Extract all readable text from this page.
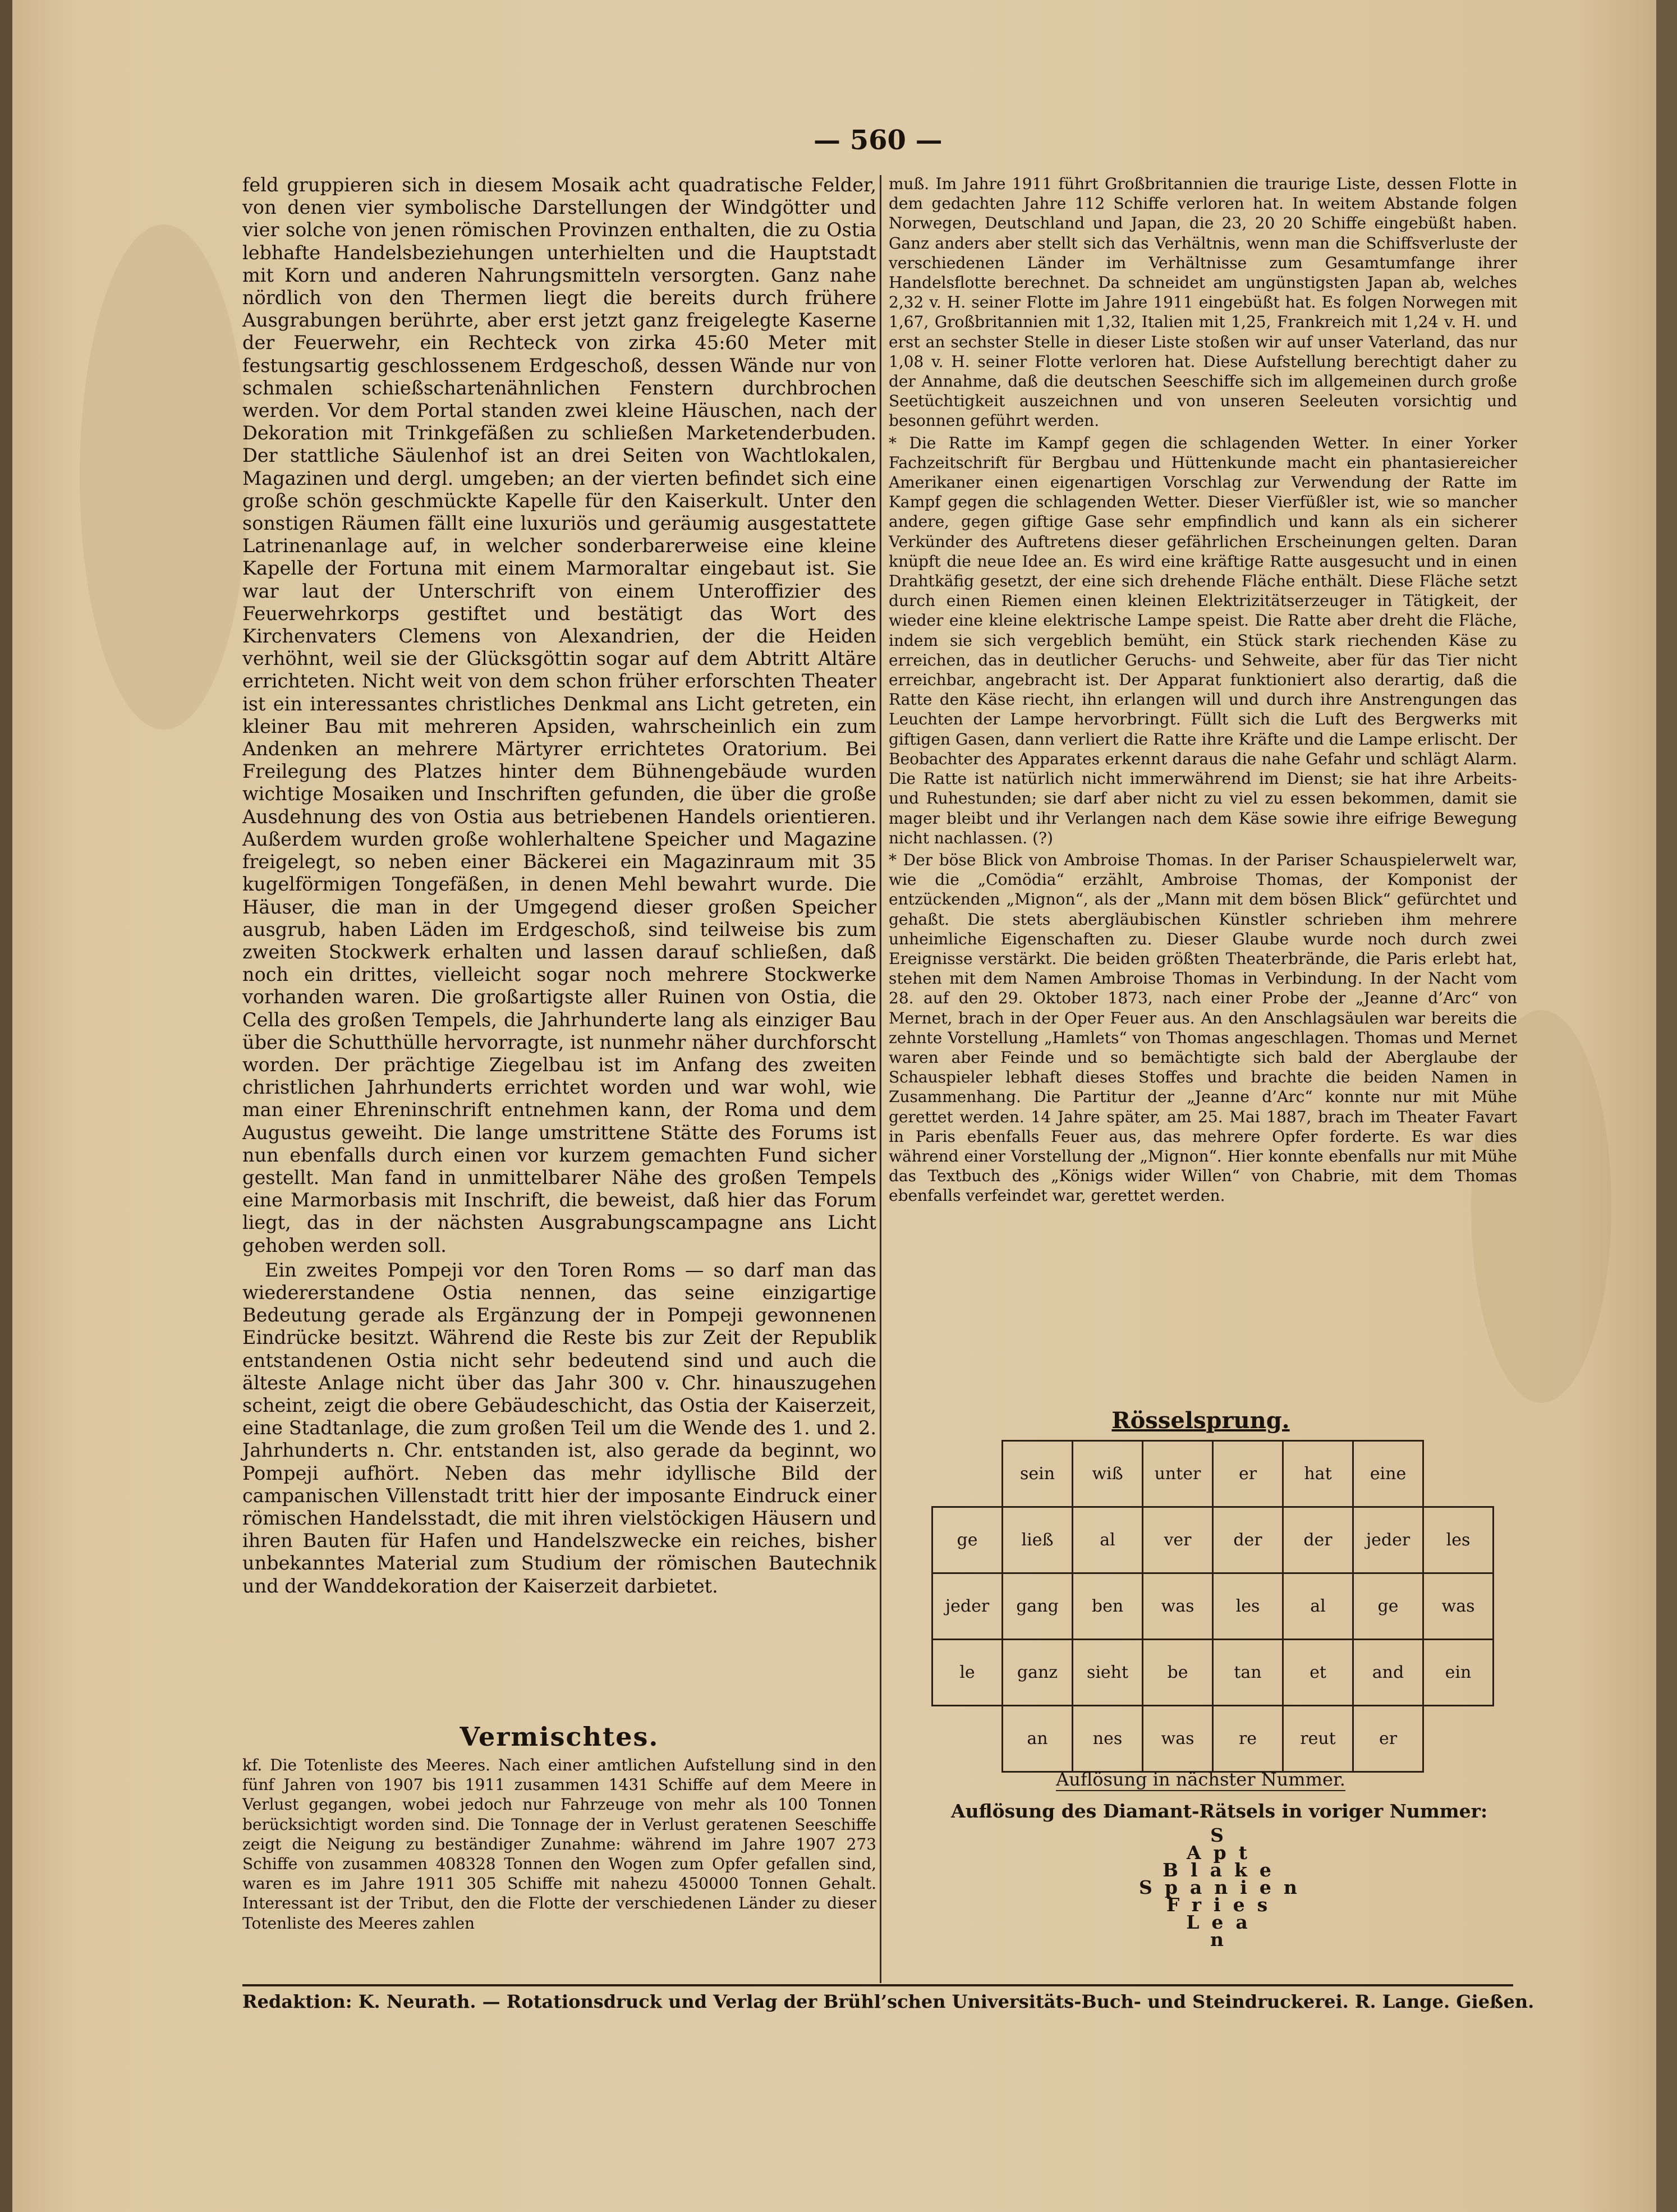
— 560 —

feld gruppieren sich in diesem Mosaik acht quadratische Felder, von denen vier symbolische Darstellungen der Windgötter und vier solche von jenen römischen Provinzen enthalten, die zu Ostia lebhafte Handelsbeziehungen unterhielten und die Hauptstadt mit Korn und anderen Nahrungsmitteln versorgten. Ganz nahe nördlich von den Thermen liegt die bereits durch frühere Ausgrabungen berührte, aber erst jetzt ganz freigelegte Kaserne der Feuerwehr, ein Rechteck von zirka 45:60 Meter mit festungsartig geschlossenem Erdgeschoß, dessen Wände nur von schmalen schießschartenähnlichen Fenstern durchbrochen werden. Vor dem Portal standen zwei kleine Häuschen, nach der Dekoration mit Trinkgefäßen zu schließen Marketenderbuden. Der stattliche Säulenhof ist an drei Seiten von Wachtlokalen, Magazinen und dergl. umgeben; an der vierten befindet sich eine große schön geschmückte Kapelle für den Kaiserkult. Unter den sonstigen Räumen fällt eine luxuriös und geräumig ausgestattete Latrinenanlage auf, in welcher sonderbarerweise eine kleine Kapelle der Fortuna mit einem Marmoraltar eingebaut ist. Sie war laut der Unterschrift von einem Unteroffizier des Feuerwehrkorps gestiftet und bestätigt das Wort des Kirchenvaters Clemens von Alexandrien, der die Heiden verhöhnt, weil sie der Glücksgöttin sogar auf dem Abtritt Altäre errichteten. Nicht weit von dem schon früher erforschten Theater ist ein interessantes christliches Denkmal ans Licht getreten, ein kleiner Bau mit mehreren Apsiden, wahrscheinlich ein zum Andenken an mehrere Märtyrer errichtetes Oratorium. Bei Freilegung des Platzes hinter dem Bühnengebäude wurden wichtige Mosaiken und Inschriften gefunden, die über die große Ausdehnung des von Ostia aus betriebenen Handels orientieren. Außerdem wurden große wohlerhaltene Speicher und Magazine freigelegt, so neben einer Bäckerei ein Magazinraum mit 35 kugelförmigen Tongefäßen, in denen Mehl bewahrt wurde. Die Häuser, die man in der Umgegend dieser großen Speicher ausgrub, haben Läden im Erdgeschoß, sind teilweise bis zum zweiten Stockwerk erhalten und lassen darauf schließen, daß noch ein drittes, vielleicht sogar noch mehrere Stockwerke vorhanden waren. Die großartigste aller Ruinen von Ostia, die Cella des großen Tempels, die Jahrhunderte lang als einziger Bau über die Schutthülle hervorragte, ist nunmehr näher durchforscht worden. Der prächtige Ziegelbau ist im Anfang des zweiten christlichen Jahrhunderts errichtet worden und war wohl, wie man einer Ehreninschrift entnehmen kann, der Roma und dem Augustus geweiht. Die lange umstrittene Stätte des Forums ist nun ebenfalls durch einen vor kurzem gemachten Fund sicher gestellt. Man fand in unmittelbarer Nähe des großen Tempels eine Marmorbasis mit Inschrift, die beweist, daß hier das Forum liegt, das in der nächsten Ausgrabungscampagne ans Licht gehoben werden soll.

Ein zweites Pompeji vor den Toren Roms — so darf man das wiedererstandene Ostia nennen, das seine einzigartige Bedeutung gerade als Ergänzung der in Pompeji gewonnenen Eindrücke besitzt. Während die Reste bis zur Zeit der Republik entstandenen Ostia nicht sehr bedeutend sind und auch die älteste Anlage nicht über das Jahr 300 v. Chr. hinauszugehen scheint, zeigt die obere Gebäudeschicht, das Ostia der Kaiserzeit, eine Stadtanlage, die zum großen Teil um die Wende des 1. und 2. Jahrhunderts n. Chr. entstanden ist, also gerade da beginnt, wo Pompeji aufhört. Neben das mehr idyllische Bild der campanischen Villenstadt tritt hier der imposante Eindruck einer römischen Handelsstadt, die mit ihren vielstöckigen Häusern und ihren Bauten für Hafen und Handelszwecke ein reiches, bisher unbekanntes Material zum Studium der römischen Bautechnik und der Wanddekoration der Kaiserzeit darbietet.

Vermischtes.

kf. Die Totenliste des Meeres. Nach einer amtlichen Aufstellung sind in den fünf Jahren von 1907 bis 1911 zusammen 1431 Schiffe auf dem Meere in Verlust gegangen, wobei jedoch nur Fahrzeuge von mehr als 100 Tonnen berücksichtigt worden sind. Die Tonnage der in Verlust geratenen Seeschiffe zeigt die Neigung zu beständiger Zunahme: während im Jahre 1907 273 Schiffe von zusammen 408328 Tonnen den Wogen zum Opfer gefallen sind, waren es im Jahre 1911 305 Schiffe mit nahezu 450000 Tonnen Gehalt. Interessant ist der Tribut, den die Flotte der verschiedenen Länder zu dieser Totenliste des Meeres zahlen

muß. Im Jahre 1911 führt Großbritannien die traurige Liste, dessen Flotte in dem gedachten Jahre 112 Schiffe verloren hat. In weitem Abstande folgen Norwegen, Deutschland und Japan, die 23, 20 20 Schiffe eingebüßt haben. Ganz anders aber stellt sich das Verhältnis, wenn man die Schiffsverluste der verschiedenen Länder im Verhältnisse zum Gesamtumfange ihrer Handelsflotte berechnet. Da schneidet am ungünstigsten Japan ab, welches 2,32 v. H. seiner Flotte im Jahre 1911 eingebüßt hat. Es folgen Norwegen mit 1,67, Großbritannien mit 1,32, Italien mit 1,25, Frankreich mit 1,24 v. H. und erst an sechster Stelle in dieser Liste stoßen wir auf unser Vaterland, das nur 1,08 v. H. seiner Flotte verloren hat. Diese Aufstellung berechtigt daher zu der Annahme, daß die deutschen Seeschiffe sich im allgemeinen durch große Seetüchtigkeit auszeichnen und von unseren Seeleuten vorsichtig und besonnen geführt werden.

* Die Ratte im Kampf gegen die schlagenden Wetter. In einer Yorker Fachzeitschrift für Bergbau und Hüttenkunde macht ein phantasiereicher Amerikaner einen eigenartigen Vorschlag zur Verwendung der Ratte im Kampf gegen die schlagenden Wetter. Dieser Vierfüßler ist, wie so mancher andere, gegen giftige Gase sehr empfindlich und kann als ein sicherer Verkünder des Auftretens dieser gefährlichen Erscheinungen gelten. Daran knüpft die neue Idee an. Es wird eine kräftige Ratte ausgesucht und in einen Drahtkäfig gesetzt, der eine sich drehende Fläche enthält. Diese Fläche setzt durch einen Riemen einen kleinen Elektrizitätserzeuger in Tätigkeit, der wieder eine kleine elektrische Lampe speist. Die Ratte aber dreht die Fläche, indem sie sich vergeblich bemüht, ein Stück stark riechenden Käse zu erreichen, das in deutlicher Geruchs- und Sehweite, aber für das Tier nicht erreichbar, angebracht ist. Der Apparat funktioniert also derartig, daß die Ratte den Käse riecht, ihn erlangen will und durch ihre Anstrengungen das Leuchten der Lampe hervorbringt. Füllt sich die Luft des Bergwerks mit giftigen Gasen, dann verliert die Ratte ihre Kräfte und die Lampe erlischt. Der Beobachter des Apparates erkennt daraus die nahe Gefahr und schlägt Alarm. Die Ratte ist natürlich nicht immerwährend im Dienst; sie hat ihre Arbeits- und Ruhestunden; sie darf aber nicht zu viel zu essen bekommen, damit sie mager bleibt und ihr Verlangen nach dem Käse sowie ihre eifrige Bewegung nicht nachlassen. (?)

* Der böse Blick von Ambroise Thomas. In der Pariser Schauspielerwelt war, wie die „Comödia“ erzählt, Ambroise Thomas, der Komponist der entzückenden „Mignon“, als der „Mann mit dem bösen Blick“ gefürchtet und gehaßt. Die stets abergläubischen Künstler schrieben ihm mehrere unheimliche Eigenschaften zu. Dieser Glaube wurde noch durch zwei Ereignisse verstärkt. Die beiden größten Theaterbrände, die Paris erlebt hat, stehen mit dem Namen Ambroise Thomas in Verbindung. In der Nacht vom 28. auf den 29. Oktober 1873, nach einer Probe der „Jeanne d’Arc“ von Mernet, brach in der Oper Feuer aus. An den Anschlagsäulen war bereits die zehnte Vorstellung „Hamlets“ von Thomas angeschlagen. Thomas und Mernet waren aber Feinde und so bemächtigte sich bald der Aberglaube der Schauspieler lebhaft dieses Stoffes und brachte die beiden Namen in Zusammenhang. Die Partitur der „Jeanne d’Arc“ konnte nur mit Mühe gerettet werden. 14 Jahre später, am 25. Mai 1887, brach im Theater Favart in Paris ebenfalls Feuer aus, das mehrere Opfer forderte. Es war dies während einer Vorstellung der „Mignon“. Hier konnte ebenfalls nur mit Mühe das Textbuch des „Königs wider Willen“ von Chabrie, mit dem Thomas ebenfalls verfeindet war, gerettet werden.

Rösselsprung.
	sein	wiß	unter	er	hat	eine	
ge	ließ	al	ver	der	der	jeder	les
jeder	gang	ben	was	les	al	ge	was
le	ganz	sieht	be	tan	et	and	ein
	an	nes	was	re	reut	er	
Auflösung in nächster Nummer.
Auflösung des Diamant-Rätsels in voriger Nummer:
S
Apt
Blake
Spanien
Fries
Lea
n
Redaktion: K. Neurath. — Rotationsdruck und Verlag der Brühl’schen Universitäts-Buch- und Steindruckerei. R. Lange. Gießen.
